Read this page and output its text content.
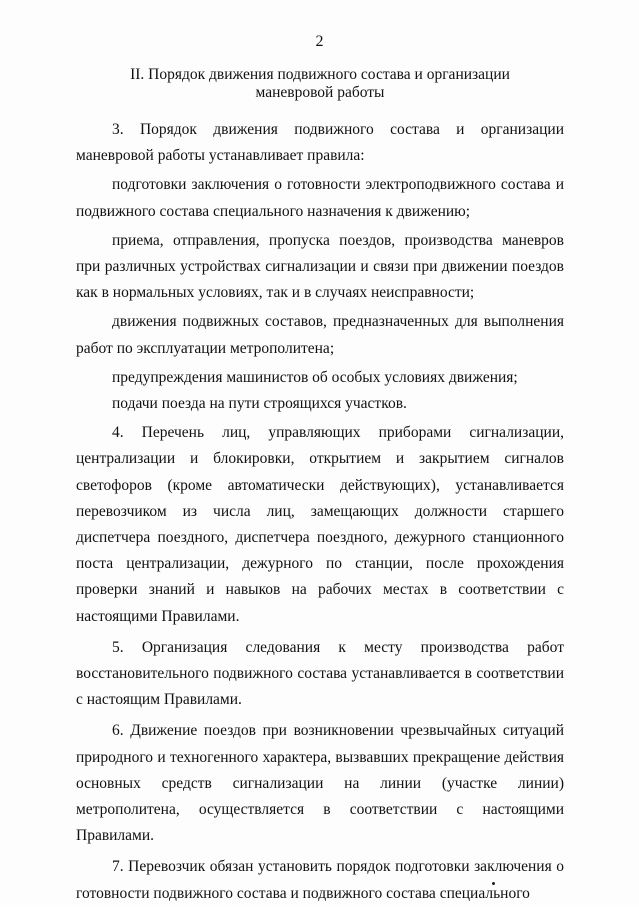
2
II. Порядок движения подвижного состава и организации
маневровой работы

3. Порядок движения подвижного состава и организации маневровой работы устанавливает правила:

подготовки заключения о готовности электроподвижного состава и подвижного состава специального назначения к движению;

приема, отправления, пропуска поездов, производства маневров при различных устройствах сигнализации и связи при движении поездов как в нормальных условиях, так и в случаях неисправности;

движения подвижных составов, предназначенных для выполнения работ по эксплуатации метрополитена;

предупреждения машинистов об особых условиях движения;

подачи поезда на пути строящихся участков.

4. Перечень лиц, управляющих приборами сигнализации, централизации и блокировки, открытием и закрытием сигналов светофоров (кроме автоматически действующих), устанавливается перевозчиком из числа лиц, замещающих должности старшего диспетчера поездного, диспетчера поездного, дежурного станционного поста централизации, дежурного по станции, после прохождения проверки знаний и навыков на рабочих местах в соответствии с настоящими Правилами.

5. Организация следования к месту производства работ восстановительного подвижного состава устанавливается в соответствии с настоящим Правилами.

6. Движение поездов при возникновении чрезвычайных ситуаций природного и техногенного характера, вызвавших прекращение действия основных средств сигнализации на линии (участке линии) метрополитена, осуществляется в соответствии с настоящими Правилами.

7. Перевозчик обязан установить порядок подготовки заключения о готовности подвижного состава и подвижного состава специального
